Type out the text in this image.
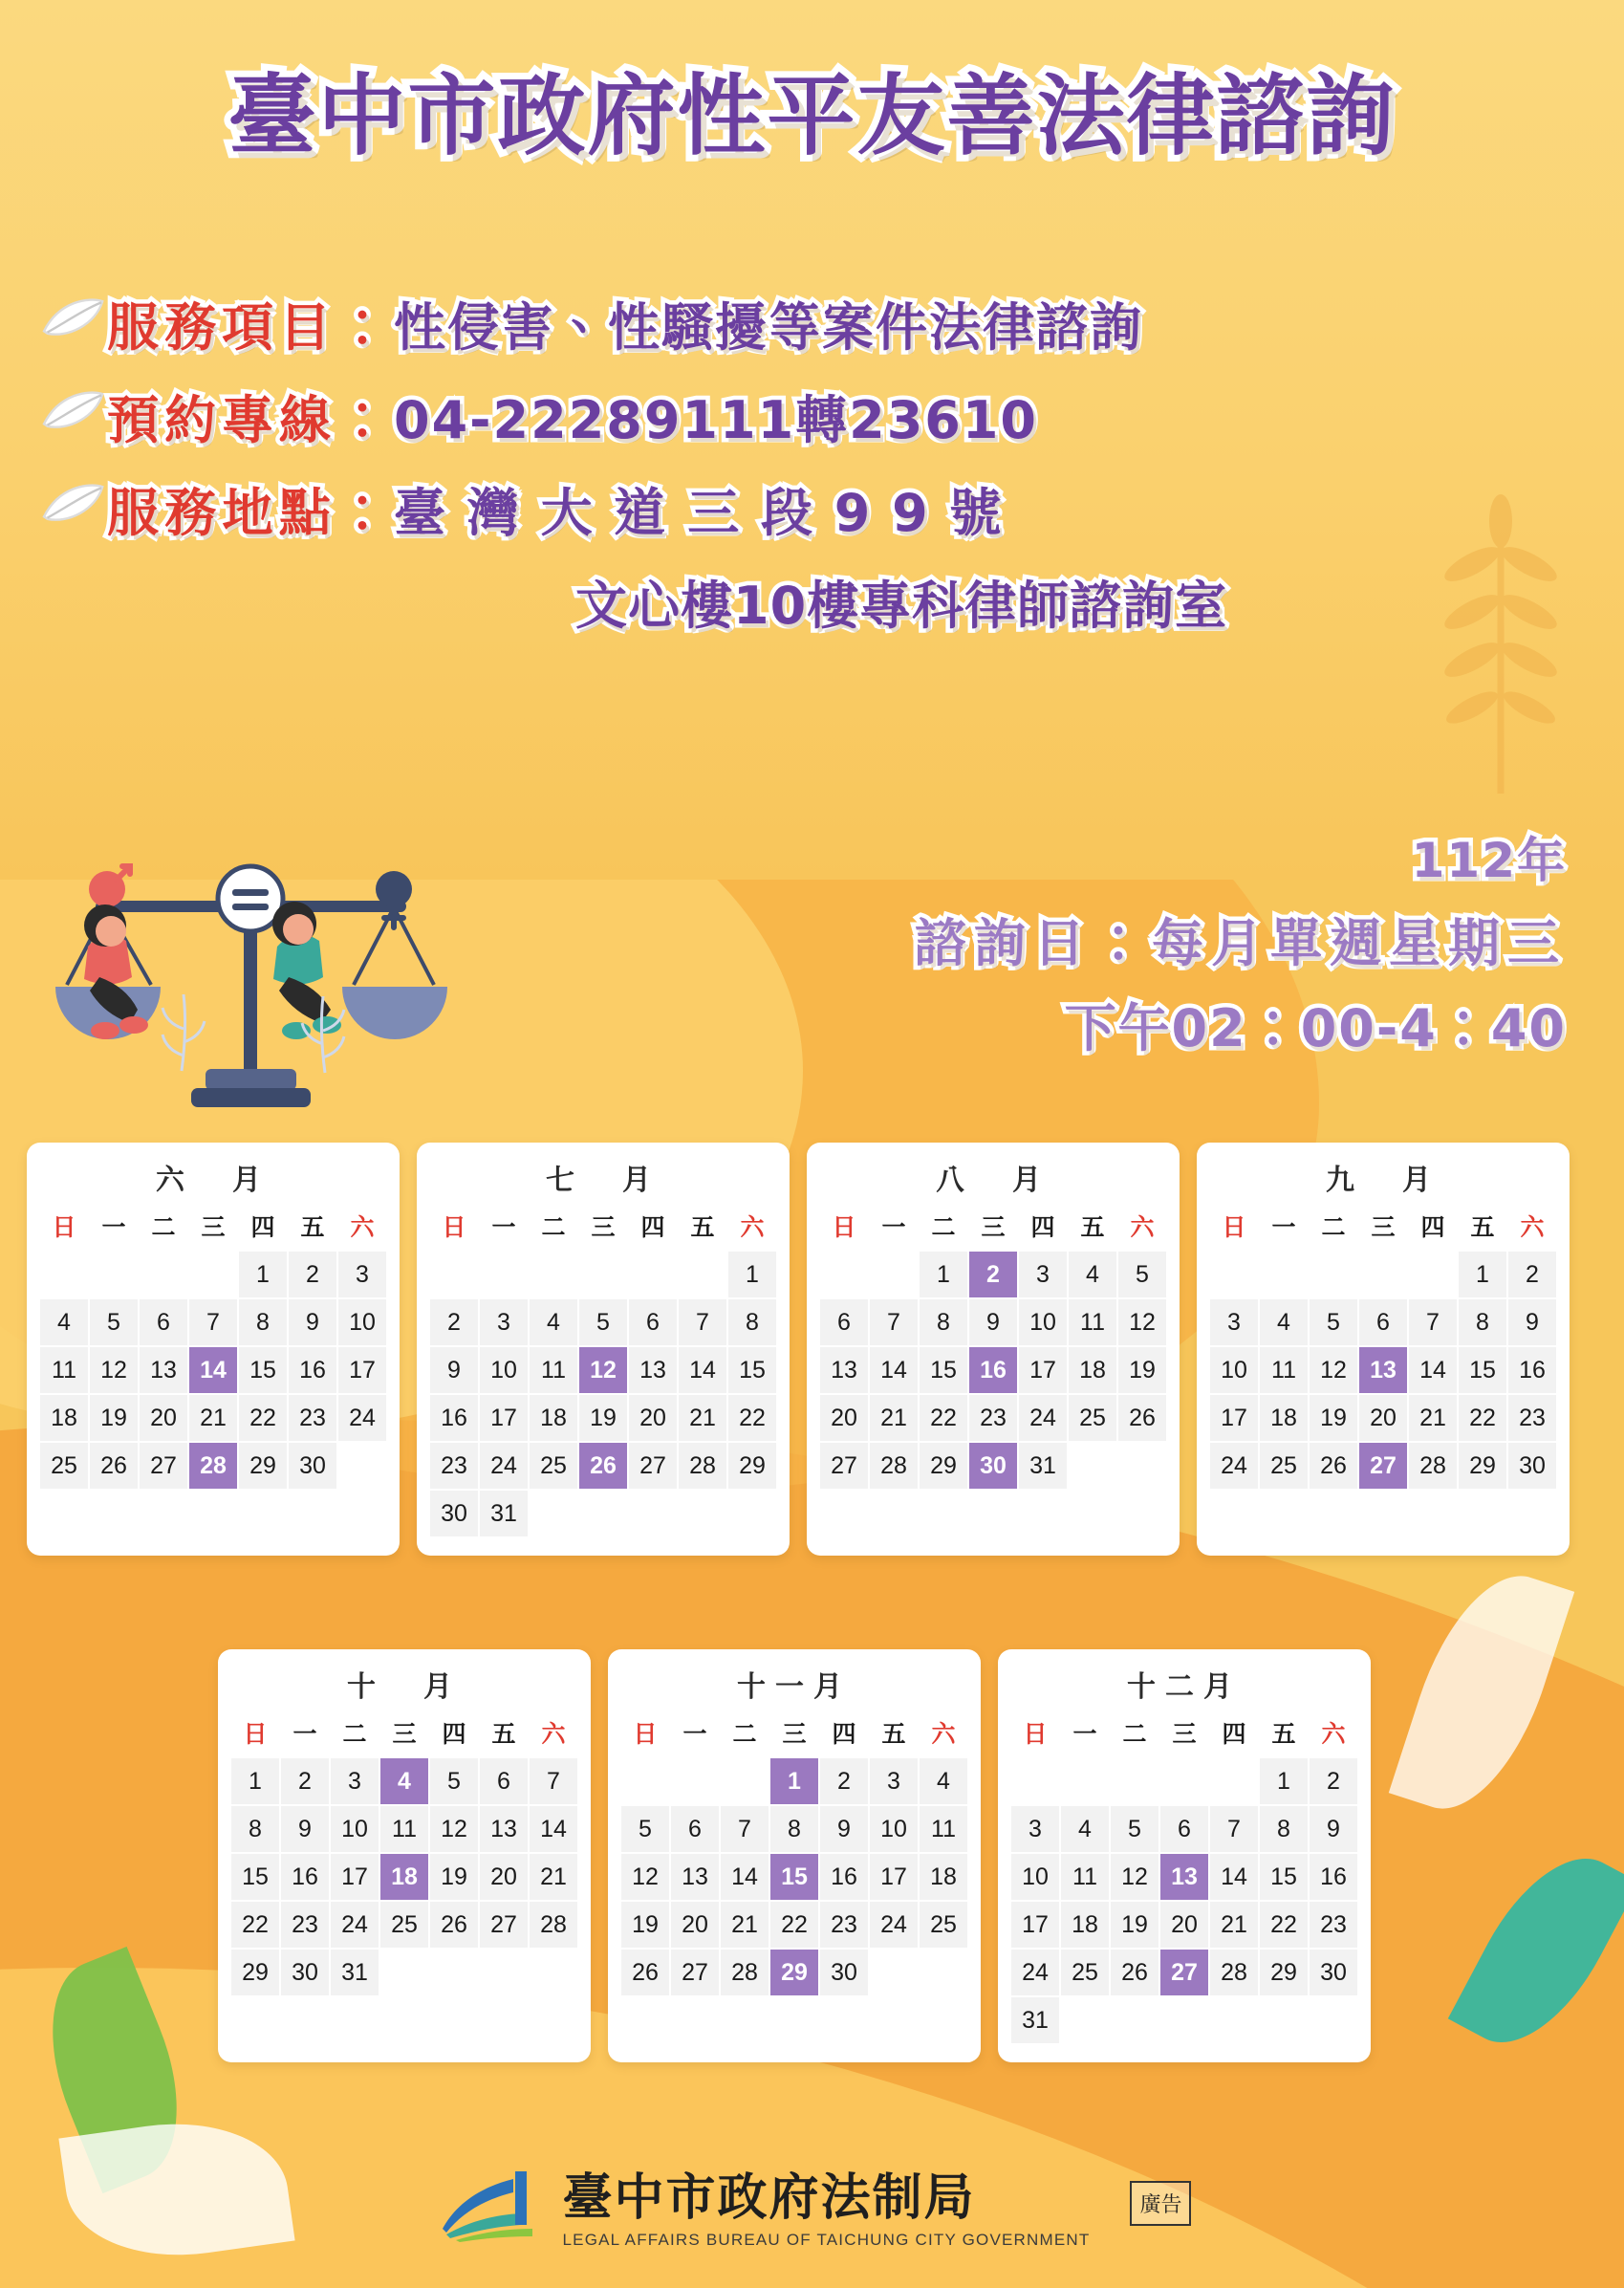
臺中市政府性平友善法律諮詢
服務項目： 性侵害、性騷擾等案件法律諮詢
預約專線： 04-22289111轉23610
服務地點： 臺 灣 大 道 三 段 9 9 號
文心樓10樓專科律師諮詢室
112年
諮詢日：每月單週星期三
下午02：00-4：40
六　月
日	一	二	三	四	五	六
				1	2	3
4	5	6	7	8	9	10
11	12	13	14	15	16	17
18	19	20	21	22	23	24
25	26	27	28	29	30	
七　月
日	一	二	三	四	五	六
						1
2	3	4	5	6	7	8
9	10	11	12	13	14	15
16	17	18	19	20	21	22
23	24	25	26	27	28	29
30	31					
八　月
日	一	二	三	四	五	六
		1	2	3	4	5
6	7	8	9	10	11	12
13	14	15	16	17	18	19
20	21	22	23	24	25	26
27	28	29	30	31		
九　月
日	一	二	三	四	五	六
					1	2
3	4	5	6	7	8	9
10	11	12	13	14	15	16
17	18	19	20	21	22	23
24	25	26	27	28	29	30
十　月
日	一	二	三	四	五	六
1	2	3	4	5	6	7
8	9	10	11	12	13	14
15	16	17	18	19	20	21
22	23	24	25	26	27	28
29	30	31				
十一月
日	一	二	三	四	五	六
			1	2	3	4
5	6	7	8	9	10	11
12	13	14	15	16	17	18
19	20	21	22	23	24	25
26	27	28	29	30		
十二月
日	一	二	三	四	五	六
					1	2
3	4	5	6	7	8	9
10	11	12	13	14	15	16
17	18	19	20	21	22	23
24	25	26	27	28	29	30
31						
臺中市政府法制局
LEGAL AFFAIRS BUREAU OF TAICHUNG CITY GOVERNMENT
廣告
